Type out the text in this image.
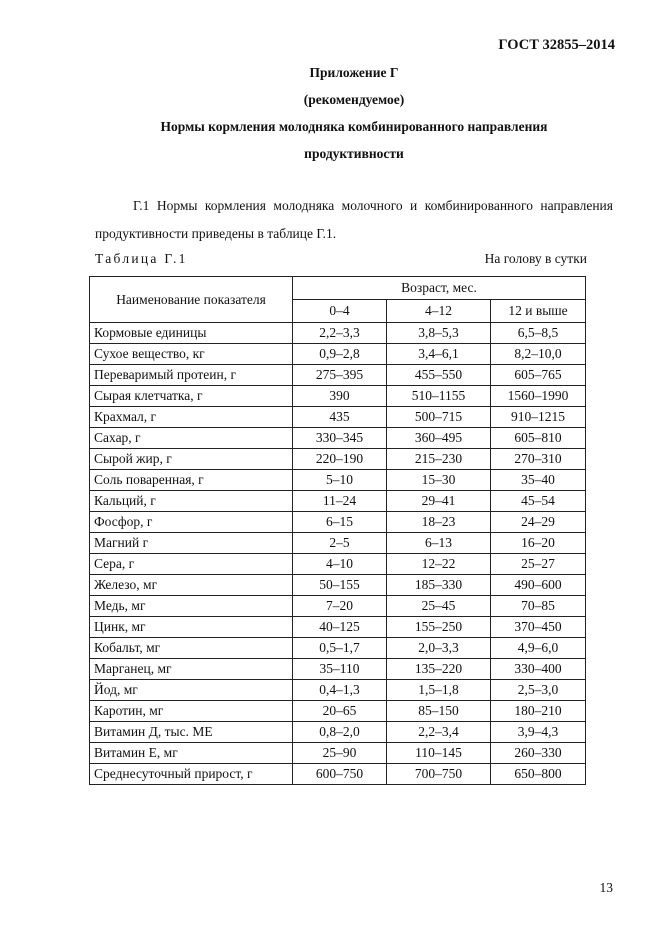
ГОСТ 32855–2014
Приложение Г
(рекомендуемое)
Нормы кормления молодняка комбинированного направления
продуктивности
Г.1 Нормы кормления молодняка молочного и комбинированного направления продуктивности приведены в таблице Г.1.
Таблица Г.1	На голову в сутки
Наименование показателя	Возраст, мес.		
	0–4	4–12	12 и выше
Кормовые единицы	2,2–3,3	3,8–5,3	6,5–8,5
Сухое вещество, кг	0,9–2,8	3,4–6,1	8,2–10,0
Переваримый протеин, г	275–395	455–550	605–765
Сырая клетчатка, г	390	510–1155	1560–1990
Крахмал, г	435	500–715	910–1215
Сахар, г	330–345	360–495	605–810
Сырой жир, г	220–190	215–230	270–310
Соль поваренная, г	5–10	15–30	35–40
Кальций, г	11–24	29–41	45–54
Фосфор, г	6–15	18–23	24–29
Магний г	2–5	6–13	16–20
Сера, г	4–10	12–22	25–27
Железо, мг	50–155	185–330	490–600
Медь, мг	7–20	25–45	70–85
Цинк, мг	40–125	155–250	370–450
Кобальт, мг	0,5–1,7	2,0–3,3	4,9–6,0
Марганец, мг	35–110	135–220	330–400
Йод, мг	0,4–1,3	1,5–1,8	2,5–3,0
Каротин, мг	20–65	85–150	180–210
Витамин Д, тыс. МЕ	0,8–2,0	2,2–3,4	3,9–4,3
Витамин Е, мг	25–90	110–145	260–330
Среднесуточный прирост, г	600–750	700–750	650–800
13
